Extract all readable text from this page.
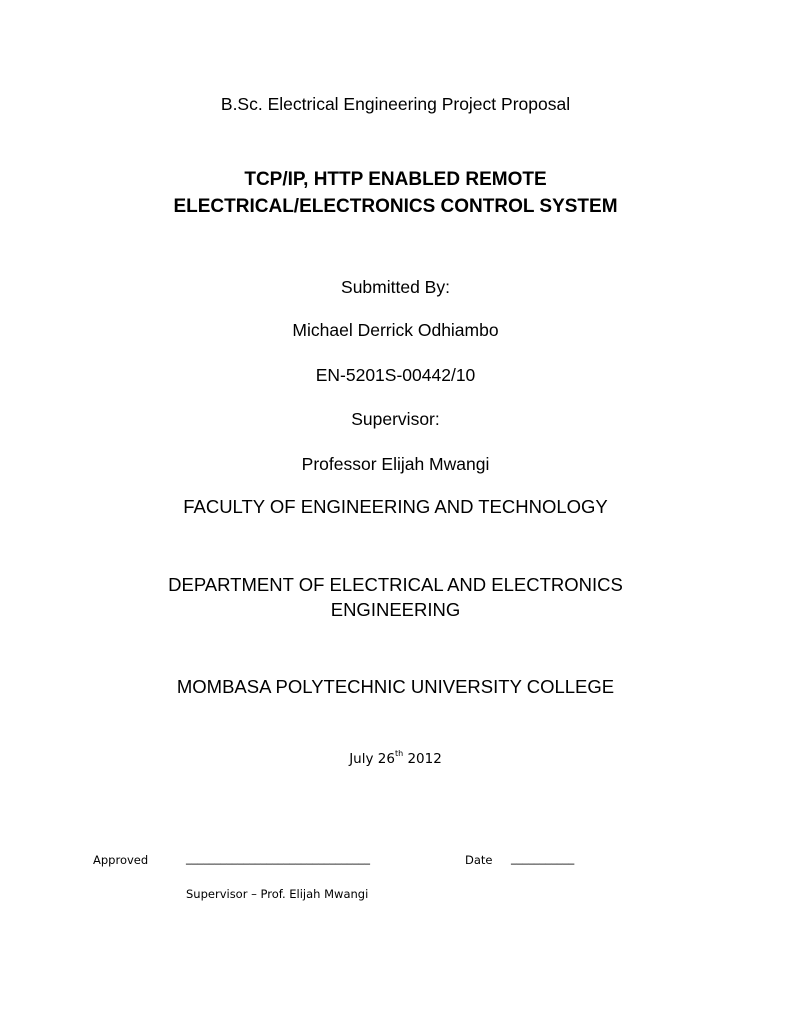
B.Sc. Electrical Engineering Project Proposal
TCP/IP, HTTP ENABLED REMOTE
ELECTRICAL/ELECTRONICS CONTROL SYSTEM
Submitted By:
Michael Derrick Odhiambo
EN-5201S-00442/10
Supervisor:
Professor Elijah Mwangi
FACULTY OF ENGINEERING AND TECHNOLOGY
DEPARTMENT OF ELECTRICAL AND ELECTRONICS
ENGINEERING
MOMBASA POLYTECHNIC UNIVERSITY COLLEGE
July 26th 2012
Approved	________________________________	Date ___________
Supervisor – Prof. Elijah Mwangi
